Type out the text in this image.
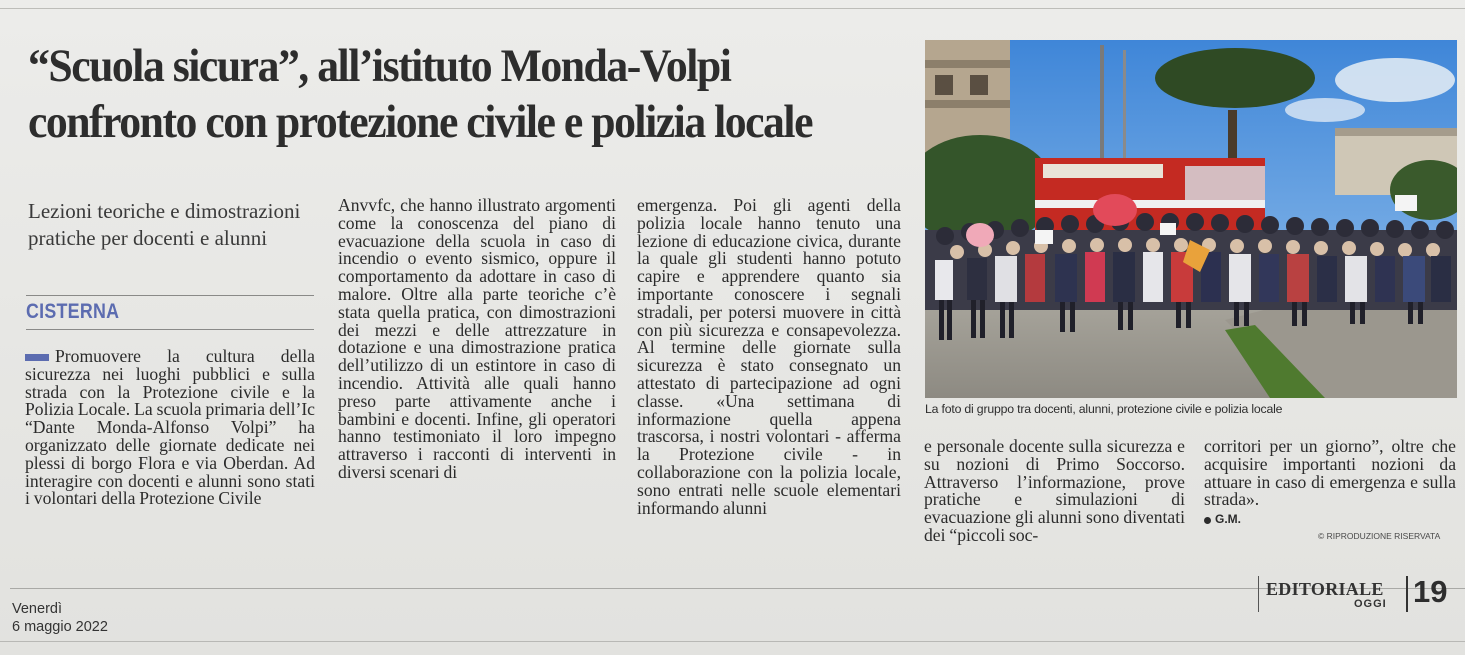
“Scuola sicura”, all’istituto Monda-Volpi confronto con protezione civile e polizia locale

Lezioni teoriche e dimostrazioni pratiche per docenti e alunni

CISTERNA

Promuovere la cultura della sicurezza nei luoghi pubblici e sulla strada con la Protezione civile e la Polizia Locale. La scuola primaria dell’Ic “Dante Monda-Alfonso Volpi” ha organizzato delle giornate dedicate nei plessi di borgo Flora e via Oberdan. Ad interagire con docenti e alunni sono stati i volontari della Protezione Civile

Anvvfc, che hanno illustrato argomenti come la conoscenza del piano di evacuazione della scuola in caso di incendio o evento sismico, oppure il comportamento da adottare in caso di malore. Oltre alla parte teoriche c’è stata quella pratica, con dimostrazioni dei mezzi e delle attrezzature in dotazione e una dimostrazione pratica dell’utilizzo di un estintore in caso di incendio. Attività alle quali hanno preso parte attivamente anche i bambini e docenti. Infine, gli operatori hanno testimoniato il loro impegno attraverso i racconti di interventi in diversi scenari di

emergenza. Poi gli agenti della polizia locale hanno tenuto una lezione di educazione civica, durante la quale gli studenti hanno potuto capire e apprendere quanto sia importante conoscere i segnali stradali, per potersi muovere in città con più sicurezza e consapevolezza. Al termine delle giornate sulla sicurezza è stato consegnato un attestato di partecipazione ad ogni classe. «Una settimana di informazione quella appena trascorsa, i nostri volontari - afferma la Protezione civile - in collaborazione con la polizia locale, sono entrati nelle scuole elementari informando alunni

e personale docente sulla sicurezza e su nozioni di Primo Soccorso. Attraverso l’informazione, prove pratiche e simulazioni di evacuazione gli alunni sono diventati dei “piccoli soc-

corritori per un giorno”, oltre che acquisire importanti nozioni da attuare in caso di emergenza e sulla strada».
G.M.

La foto di gruppo tra docenti, alunni, protezione civile e polizia locale

© RIPRODUZIONE RISERVATA

Venerdì

6 maggio 2022

EDITORIALE

OGGI 19
